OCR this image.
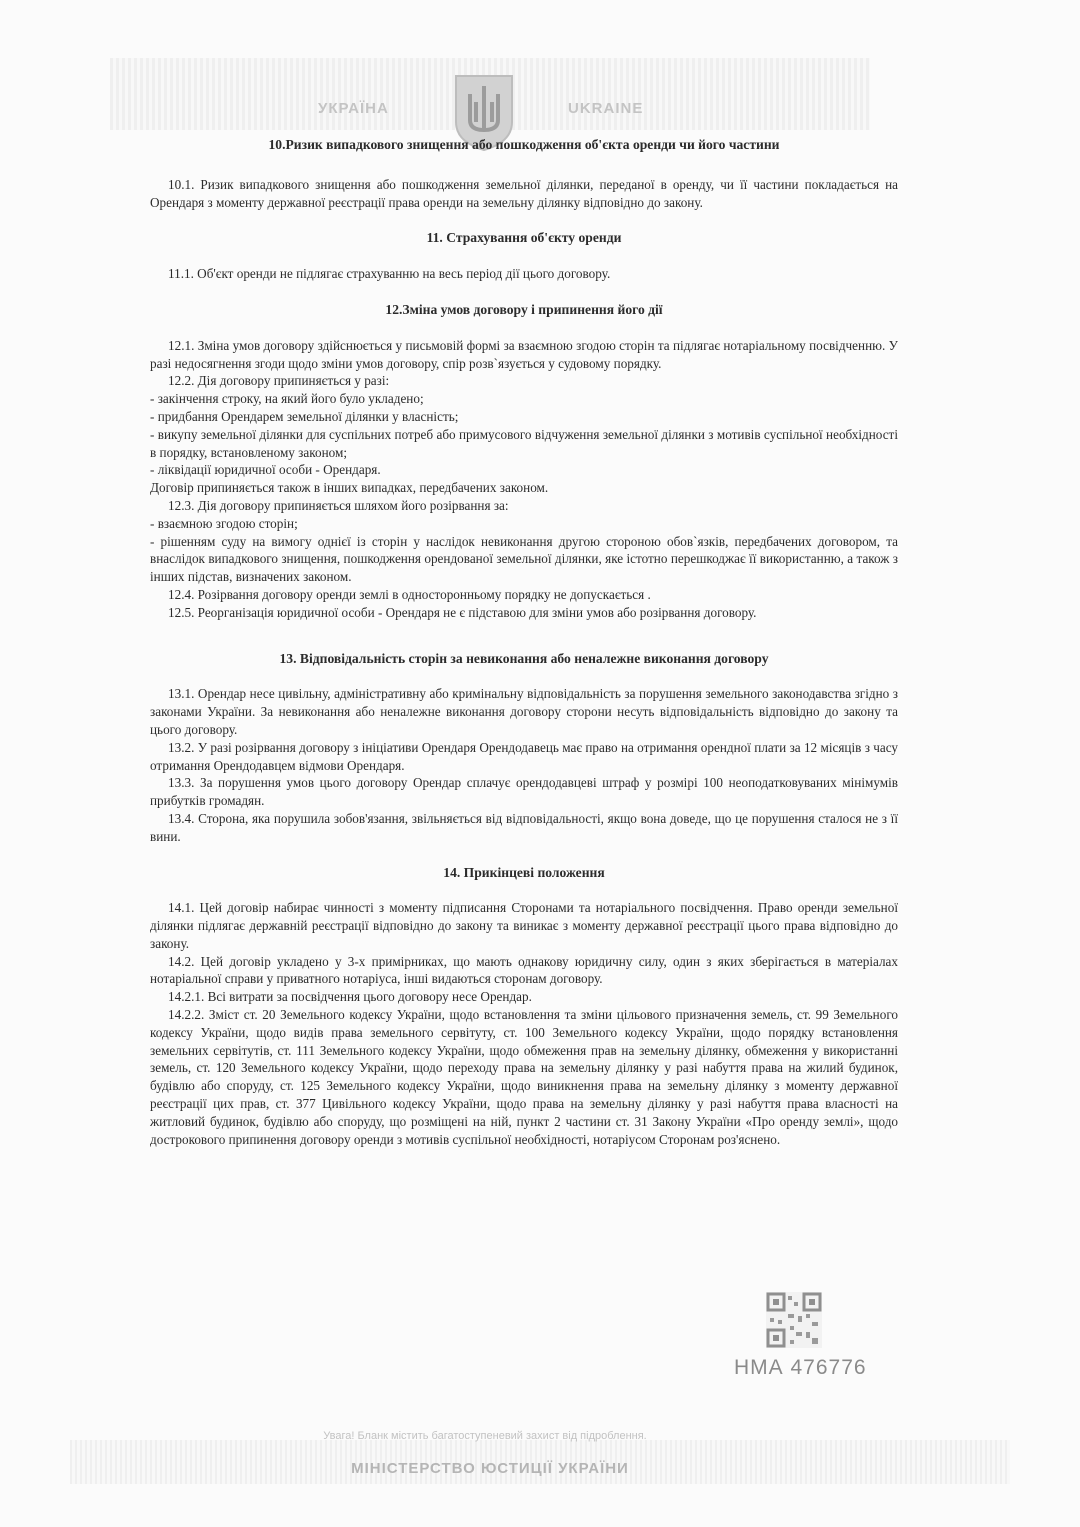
УКРАЇНА	UKRAINE

10.Ризик випадкового знищення або пошкодження об'єкта оренди чи його частини

10.1. Ризик випадкового знищення або пошкодження земельної ділянки, переданої в оренду, чи її частини покладається на Орендаря з моменту державної реєстрації права оренди на земельну ділянку відповідно до закону.

11. Страхування об'єкту оренди

11.1. Об'єкт оренди не підлягає страхуванню на весь період дії цього договору.

12.Зміна умов договору і припинення його дії

12.1. Зміна умов договору здійснюється у письмовій формі за взаємною згодою сторін та підлягає нотаріальному посвідченню. У разі недосягнення згоди щодо зміни умов договору, спір розв`язується у судовому порядку.

12.2. Дія договору припиняється у разі:

- закінчення строку, на який його було укладено;

- придбання Орендарем земельної ділянки у власність;

- викупу земельної ділянки для суспільних потреб або примусового відчуження земельної ділянки з мотивів суспільної необхідності в порядку, встановленому законом;

- ліквідації юридичної особи - Орендаря.

Договір припиняється також в інших випадках, передбачених законом.

12.3. Дія договору припиняється шляхом його розірвання за:

- взаємною згодою сторін;

- рішенням суду на вимогу однієї із сторін у наслідок невиконання другою стороною обов`язків, передбачених договором, та внаслідок випадкового знищення, пошкодження орендованої земельної ділянки, яке істотно перешкоджає її використанню, а також з інших підстав, визначених законом.

12.4. Розірвання договору оренди землі в односторонньому порядку не допускається .

12.5. Реорганізація юридичної особи - Орендаря не є підставою для зміни умов або розірвання договору.

13. Відповідальність сторін за невиконання або неналежне виконання договору

13.1. Орендар несе цивільну, адміністративну або кримінальну відповідальність за порушення земельного законодавства згідно з законами України. За невиконання або неналежне виконання договору сторони несуть відповідальність відповідно до закону та цього договору.

13.2. У разі розірвання договору з ініціативи Орендаря Орендодавець має право на отримання орендної плати за 12 місяців з часу отримання Орендодавцем відмови Орендаря.

13.3. За порушення умов цього договору Орендар сплачує орендодавцеві штраф у розмірі 100 неоподатковуваних мінімумів прибутків громадян.

13.4. Сторона, яка порушила зобов'язання, звільняється від відповідальності, якщо вона доведе, що це порушення сталося не з її вини.

14. Прикінцеві положення

14.1. Цей договір набирає чинності з моменту підписання Сторонами та нотаріального посвідчення. Право оренди земельної ділянки підлягає державній реєстрації відповідно до закону та виникає з моменту державної реєстрації цього права відповідно до закону.

14.2. Цей договір укладено у 3-х примірниках, що мають однакову юридичну силу, один з яких зберігається в матеріалах нотаріальної справи у приватного нотаріуса, інші видаються сторонам договору.

14.2.1. Всі витрати за посвідчення цього договору несе Орендар.

14.2.2. Зміст ст. 20 Земельного кодексу України, щодо встановлення та зміни цільового призначення земель, ст. 99 Земельного кодексу України, щодо видів права земельного сервітуту, ст. 100 Земельного кодексу України, щодо порядку встановлення земельних сервітутів, ст. 111 Земельного кодексу України, щодо обмеження прав на земельну ділянку, обмеження у використанні земель, ст. 120 Земельного кодексу України, щодо переходу права на земельну ділянку у разі набуття права на жилий будинок, будівлю або споруду, ст. 125 Земельного кодексу України, щодо виникнення права на земельну ділянку з моменту державної реєстрації цих прав, ст. 377 Цивільного кодексу України, щодо права на земельну ділянку у разі набуття права власності на житловий будинок, будівлю або споруду, що розміщені на ній, пункт 2 частини ст. 31 Закону України «Про оренду землі», щодо дострокового припинення договору оренди з мотивів суспільної необхідності, нотаріусом Сторонам роз'яснено.

НМА 476776
Увага! Бланк містить багатоступеневий захист від підроблення.
МІНІСТЕРСТВО ЮСТИЦІЇ УКРАЇНИ
